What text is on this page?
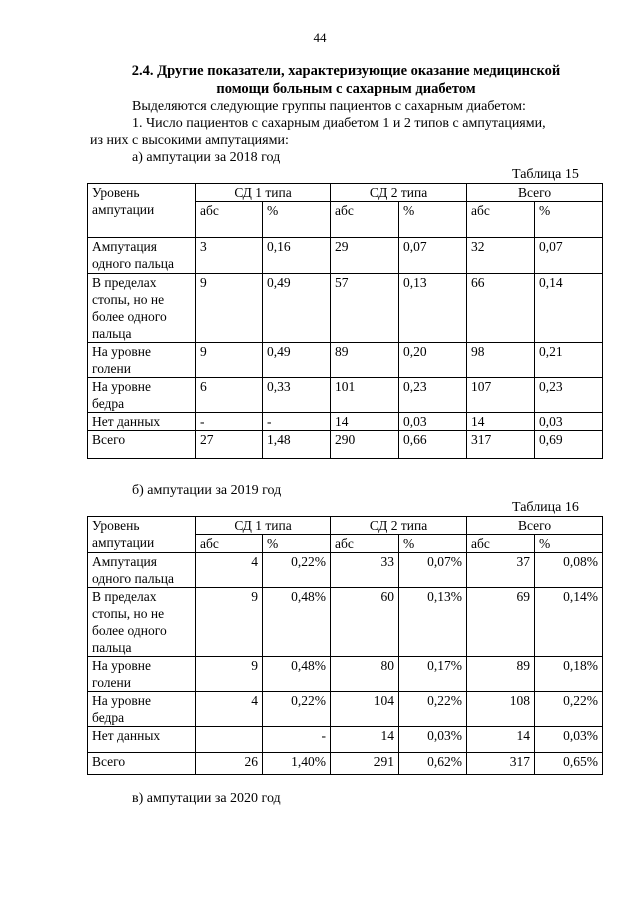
44
2.4. Другие показатели, характеризующие оказание медицинской
помощи больным с сахарным диабетом
Выделяются следующие группы пациентов с сахарным диабетом:
1. Число пациентов с сахарным диабетом 1 и 2 типов с ампутациями,
из них с высокими ампутациями:
а) ампутации за 2018 год
Таблица 15
Уровень
ампутации	СД 1 типа		СД 2 типа		Всего	
	абс	%	абс	%	абс	%

Ампутация
одного пальца	3	0,16	29	0,07	32	0,07

В пределах
стопы, но не
более одного
пальца	9	0,49	57	0,13	66	0,14

На уровне
голени	9	0,49	89	0,20	98	0,21

На уровне
бедра	6	0,33	101	0,23	107	0,23

Нет данных	-	-	14	0,03	14	0,03

Всего	27	1,48	290	0,66	317	0,69
б) ампутации за 2019 год
Таблица 16
Уровень
ампутации	СД 1 типа		СД 2 типа		Всего	
	абс	%	абс	%	абс	%

Ампутация
одного пальца	4	0,22%	33	0,07%	37	0,08%

В пределах
стопы, но не
более одного
пальца	9	0,48%	60	0,13%	69	0,14%

На уровне
голени	9	0,48%	80	0,17%	89	0,18%

На уровне
бедра	4	0,22%	104	0,22%	108	0,22%

Нет данных		-	14	0,03%	14	0,03%

Всего	26	1,40%	291	0,62%	317	0,65%
в) ампутации за 2020 год
